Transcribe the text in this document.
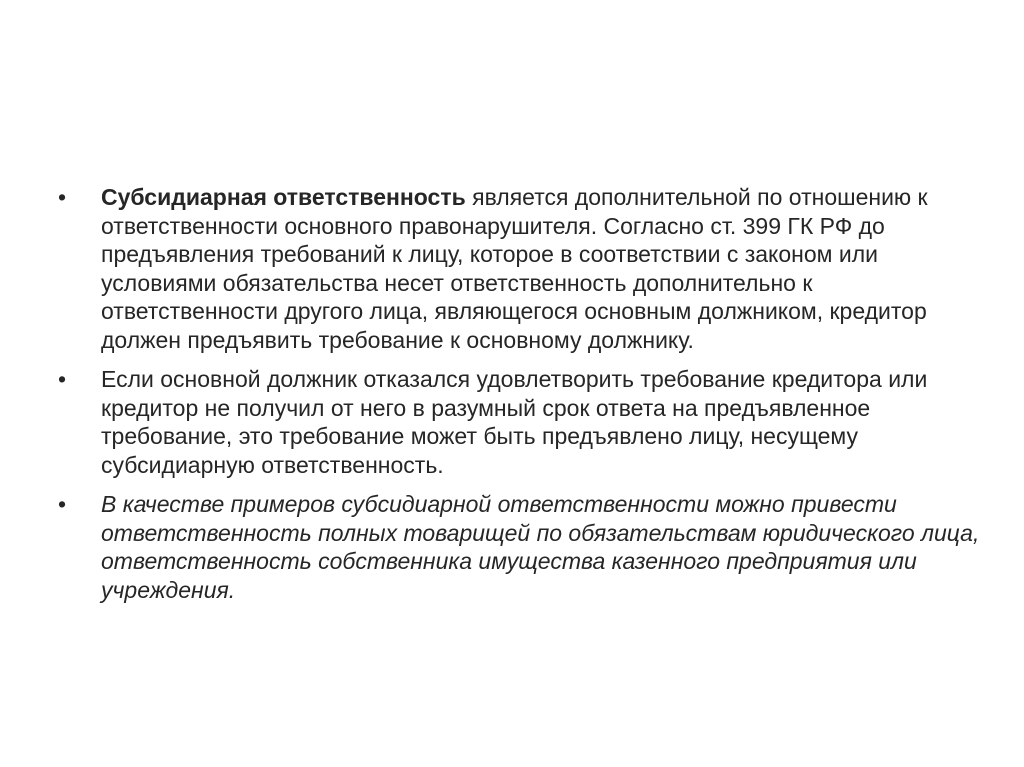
•	Субсидиарная ответственность является дополнительной по отношению к ответственности основного правонарушителя. Согласно ст. 399 ГК РФ до предъявления требований к лицу, которое в соответствии с законом или условиями обязательства несет ответственность дополнительно к ответственности другого лица, являющегося основным должником, кредитор должен предъявить требование к основному должнику.
•	Если основной должник отказался удовлетворить требование кредитора или кредитор не получил от него в разумный срок ответа на предъявленное требование, это требование может быть предъявлено лицу, несущему субсидиарную ответственность.
•	В качестве примеров субсидиарной ответственности можно привести ответственность полных товарищей по обязательствам юридического лица, ответственность собственника имущества казенного предприятия или учреждения.
